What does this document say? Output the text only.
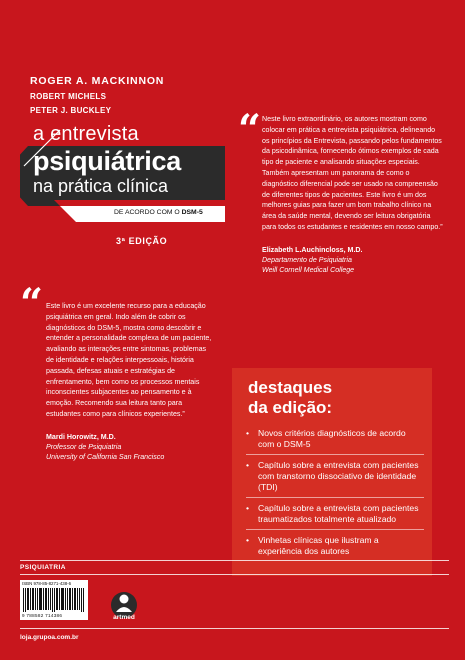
ROGER A. MACKINNON
ROBERT MICHELS
PETER J. BUCKLEY
a entrevista
psiquiátrica
na prática clínica
DE ACORDO COM O DSM-5
3ª EDIÇÃO
“ Neste livro extraordinário, os autores mostram como colocar em prática a entrevista psiquiátrica, delineando os princípios da Entrevista, passando pelos fundamentos da psicodinâmica, fornecendo ótimos exemplos de cada tipo de paciente e analisando situações especiais. Também apresentam um panorama de como o diagnóstico diferencial pode ser usado na compreensão de diferentes tipos de pacientes. Este livro é um dos melhores guias para fazer um bom trabalho clínico na área da saúde mental, devendo ser leitura obrigatória para todos os estudantes e residentes em nosso campo.”
Elizabeth L.Auchincloss, M.D.
Departamento de Psiquiatria
Weill Cornell Medical College
“ Este livro é um excelente recurso para a educação psiquiátrica em geral. Indo além de cobrir os diagnósticos do DSM-5, mostra como descobrir e entender a personalidade complexa de um paciente, avaliando as interações entre sintomas, problemas de identidade e relações interpessoais, história passada, defesas atuais e estratégias de enfrentamento, bem como os processos mentais inconscientes subjacentes ao pensamento e à emoção. Recomendo sua leitura tanto para estudantes como para clínicos experientes.”
Mardi Horowitz, M.D.
Professor de Psiquiatria
University of California San Francisco
destaques
da edição:
• Novos critérios diagnósticos de acordo com o DSM-5
• Capítulo sobre a entrevista com pacientes com transtorno dissociativo de identidade (TDI)
• Capítulo sobre a entrevista com pacientes traumatizados totalmente atualizado
• Vinhetas clínicas que ilustram a experiência dos autores
PSIQUIATRIA
ISBN 978-85-8271-438-6
9 788582 714386	artmed
loja.grupoa.com.br
